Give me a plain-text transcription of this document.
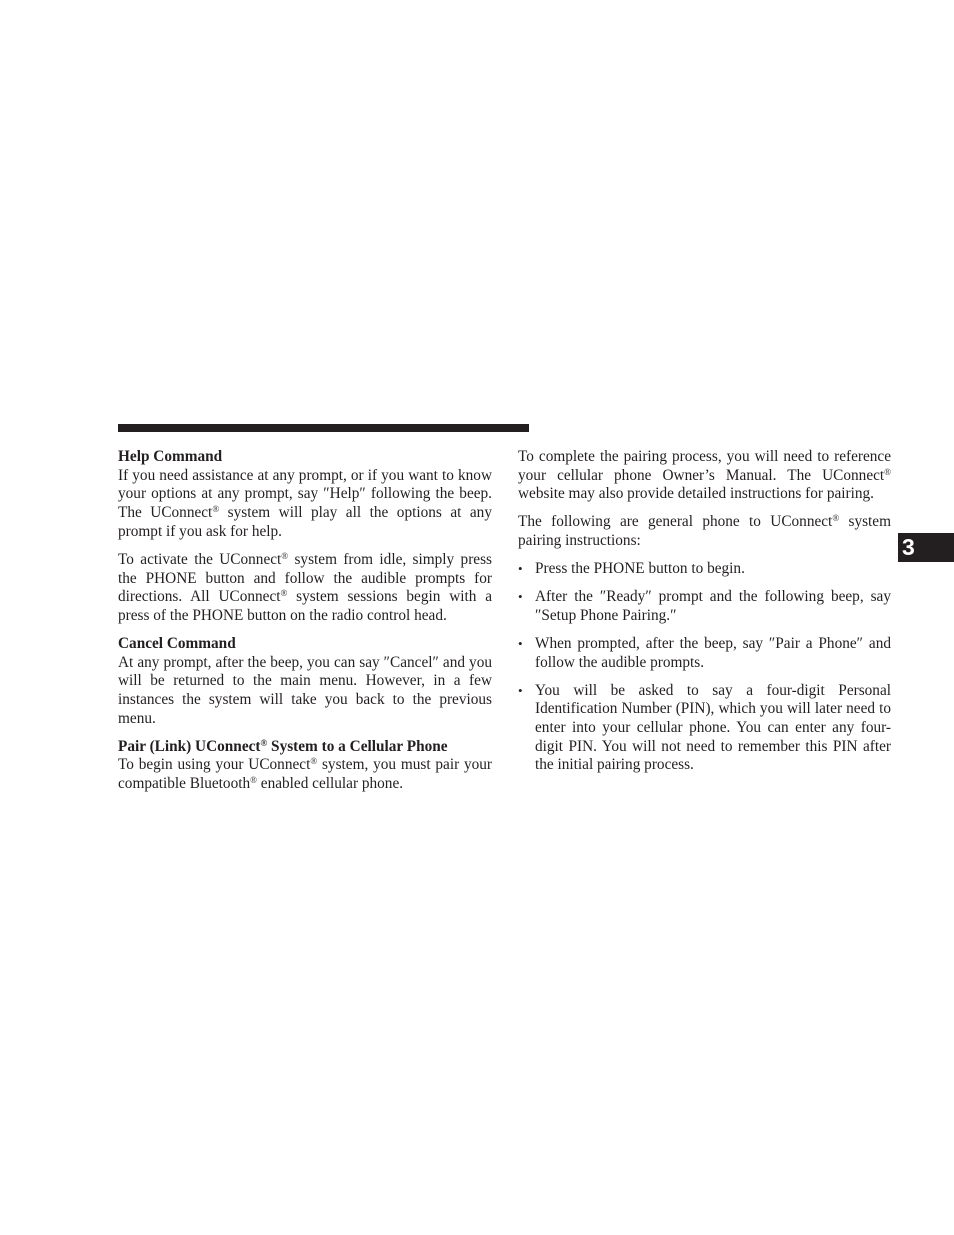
Help Command

If you need assistance at any prompt, or if you want to know your options at any prompt, say ″Help″ following the beep. The UConnect® system will play all the options at any prompt if you ask for help.

To activate the UConnect® system from idle, simply press the PHONE button and follow the audible prompts for directions. All UConnect® system sessions begin with a press of the PHONE button on the radio control head.

Cancel Command

At any prompt, after the beep, you can say ″Cancel″ and you will be returned to the main menu. However, in a few instances the system will take you back to the previous menu.

Pair (Link) UConnect® System to a Cellular Phone

To begin using your UConnect® system, you must pair your compatible Bluetooth® enabled cellular phone.

To complete the pairing process, you will need to reference your cellular phone Owner’s Manual. The UConnect® website may also provide detailed instructions for pairing.

The following are general phone to UConnect® system pairing instructions:

• Press the PHONE button to begin.
• After the ″Ready″ prompt and the following beep, say ″Setup Phone Pairing.″
• When prompted, after the beep, say ″Pair a Phone″ and follow the audible prompts.
• You will be asked to say a four-digit Personal Identification Number (PIN), which you will later need to enter into your cellular phone. You can enter any four-digit PIN. You will not need to remember this PIN after the initial pairing process.
3
